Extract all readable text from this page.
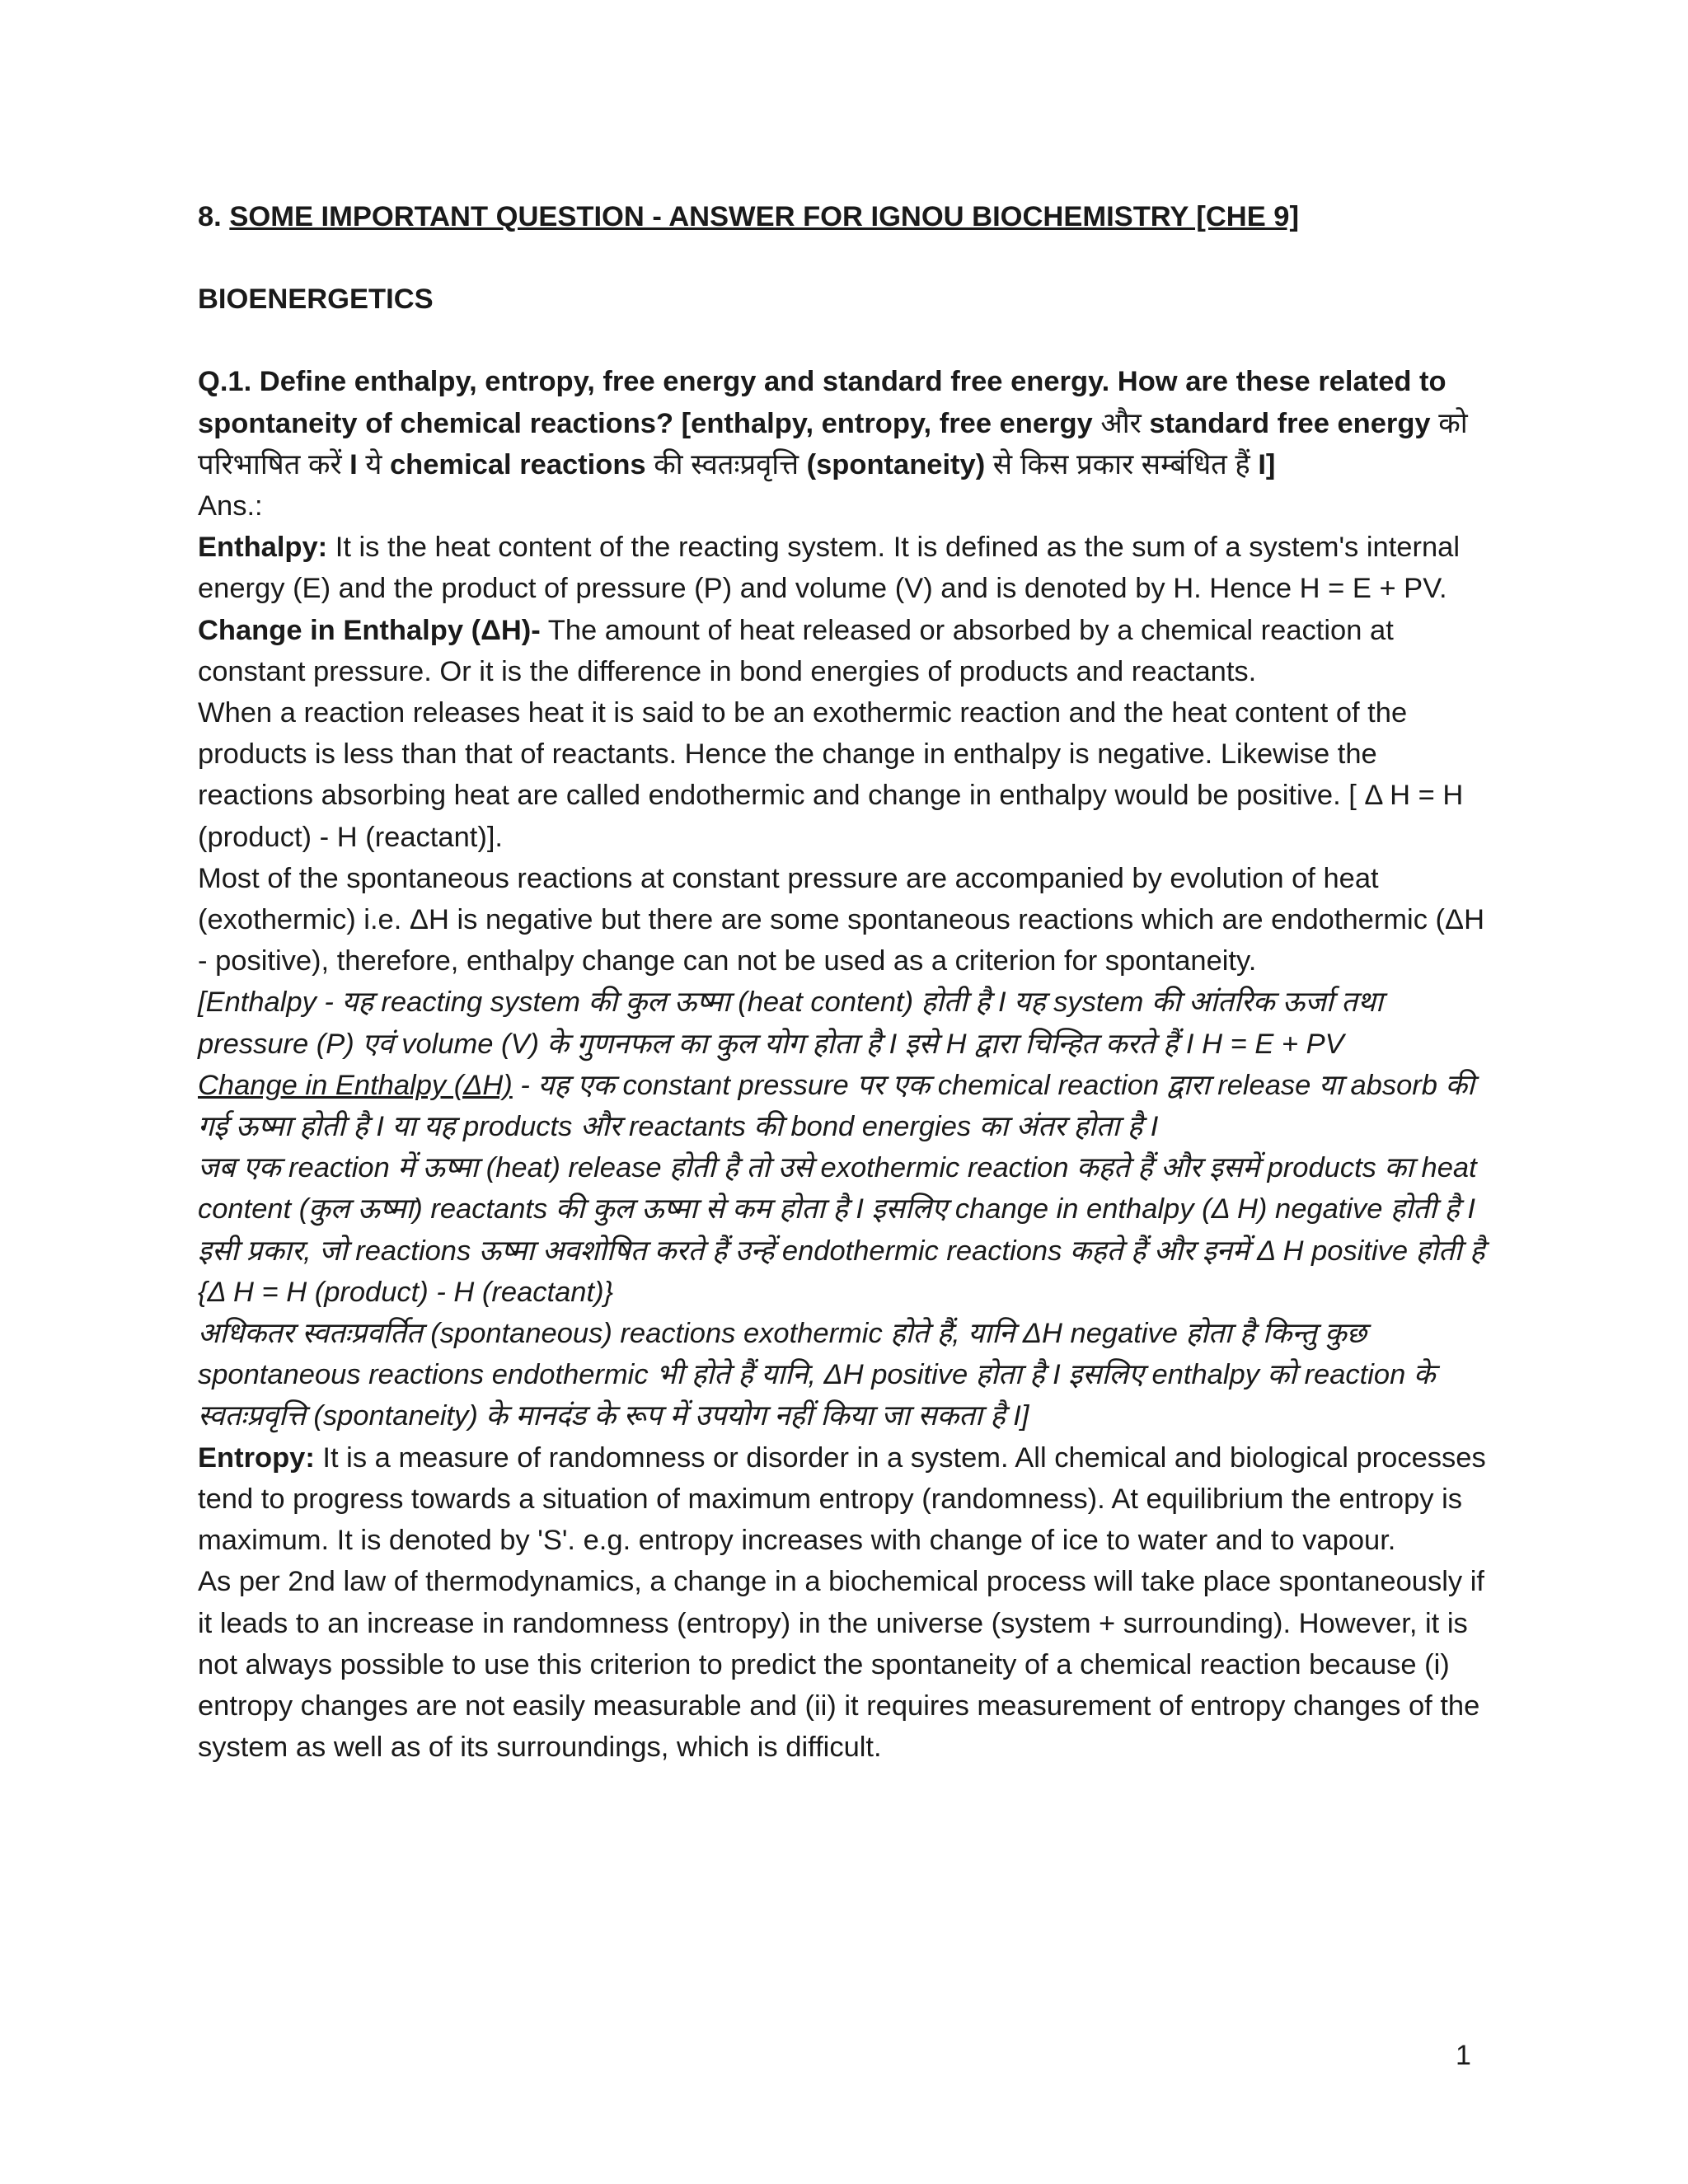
8. SOME IMPORTANT QUESTION - ANSWER FOR IGNOU BIOCHEMISTRY [CHE 9]

BIOENERGETICS

Q.1. Define enthalpy, entropy, free energy and standard free energy. How are these related to spontaneity of chemical reactions? [enthalpy, entropy, free energy और standard free energy को परिभाषित करें I ये chemical reactions की स्वतःप्रवृत्ति (spontaneity) से किस प्रकार सम्बंधित हैं I]

Ans.:

Enthalpy: It is the heat content of the reacting system. It is defined as the sum of a system's internal energy (E) and the product of pressure (P) and volume (V) and is denoted by H. Hence H = E + PV.

Change in Enthalpy (ΔH)- The amount of heat released or absorbed by a chemical reaction at constant pressure. Or it is the difference in bond energies of products and reactants.

When a reaction releases heat it is said to be an exothermic reaction and the heat content of the products is less than that of reactants. Hence the change in enthalpy is negative. Likewise the reactions absorbing heat are called endothermic and change in enthalpy would be positive. [ Δ H = H (product) - H (reactant)].

Most of the spontaneous reactions at constant pressure are accompanied by evolution of heat (exothermic) i.e. ΔH is negative but there are some spontaneous reactions which are endothermic (ΔH - positive), therefore, enthalpy change can not be used as a criterion for spontaneity.

[Enthalpy - यह reacting system की कुल ऊष्मा (heat content) होती है I यह system की आंतरिक ऊर्जा तथा pressure (P) एवं volume (V) के गुणनफल का कुल योग होता है I इसे H द्वारा चिन्हित करते हैं I H = E + PV

Change in Enthalpy (ΔH) - यह एक constant pressure पर एक chemical reaction द्वारा release या absorb की गई ऊष्मा होती है I या यह products और reactants की bond energies का अंतर होता है I

जब एक reaction में ऊष्मा (heat) release होती है तो उसे exothermic reaction कहते हैं और इसमें products का heat content (कुल ऊष्मा) reactants की कुल ऊष्मा से कम होता है I इसलिए change in enthalpy (Δ H) negative होती है I इसी प्रकार, जो reactions ऊष्मा अवशोषित करते हैं उन्हें endothermic reactions कहते हैं और इनमें Δ H positive होती है {Δ H = H (product) - H (reactant)}

अधिकतर स्वतःप्रवर्तित (spontaneous) reactions exothermic होते हैं, यानि ΔH negative होता है किन्तु कुछ spontaneous reactions endothermic भी होते हैं यानि, ΔH positive होता है I इसलिए enthalpy को reaction के स्वतःप्रवृत्ति (spontaneity) के मानदंड के रूप में उपयोग नहीं किया जा सकता है I]

Entropy: It is a measure of randomness or disorder in a system. All chemical and biological processes tend to progress towards a situation of maximum entropy (randomness). At equilibrium the entropy is maximum. It is denoted by 'S'. e.g. entropy increases with change of ice to water and to vapour.

As per 2nd law of thermodynamics, a change in a biochemical process will take place spontaneously if it leads to an increase in randomness (entropy) in the universe (system + surrounding). However, it is not always possible to use this criterion to predict the spontaneity of a chemical reaction because (i) entropy changes are not easily measurable and (ii) it requires measurement of entropy changes of the system as well as of its surroundings, which is difficult.

1
